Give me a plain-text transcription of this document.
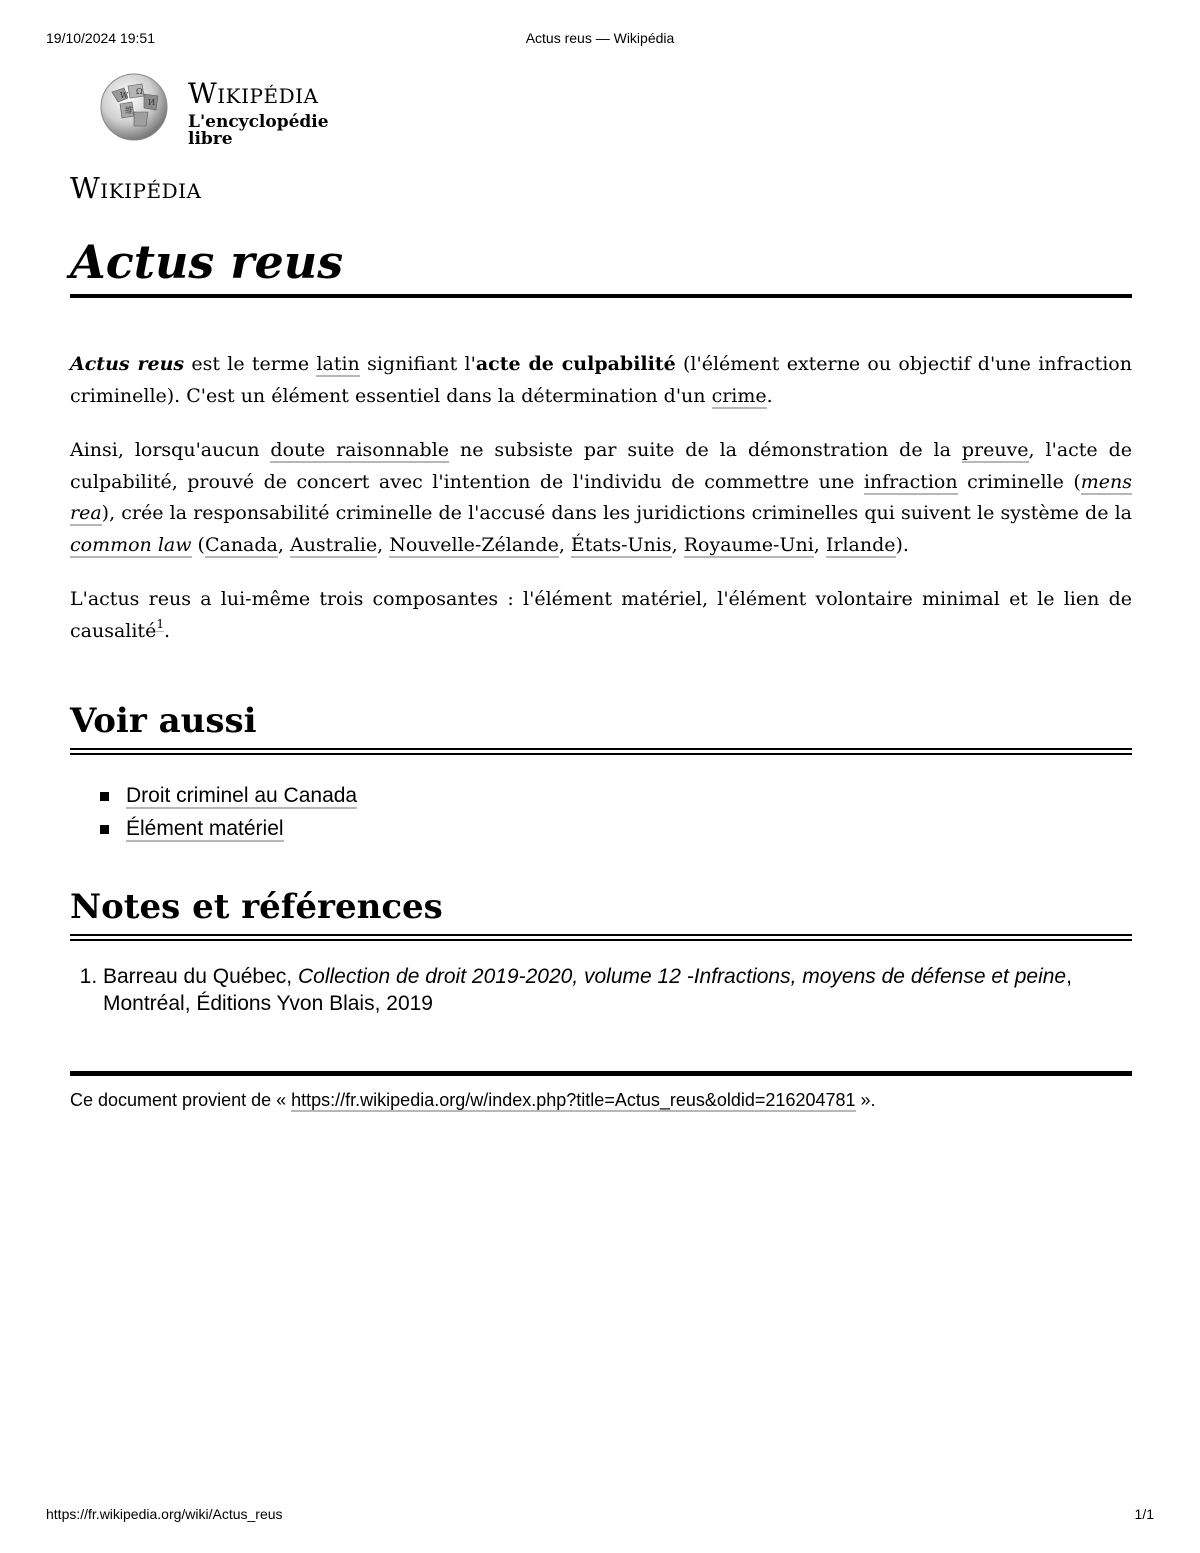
19/10/2024 19:51	Actus reus — Wikipédia
W Ω
И
維
Wikipédia
L'encyclopédie libre
Wikipédia
Actus reus

Actus reus est le terme latin signifiant l'acte de culpabilité (l'élément externe ou objectif d'une infraction criminelle). C'est un élément essentiel dans la détermination d'un crime.

Ainsi, lorsqu'aucun doute raisonnable ne subsiste par suite de la démonstration de la preuve, l'acte de culpabilité, prouvé de concert avec l'intention de l'individu de commettre une infraction criminelle (mens rea), crée la responsabilité criminelle de l'accusé dans les juridictions criminelles qui suivent le système de la common law (Canada, Australie, Nouvelle-Zélande, États-Unis, Royaume-Uni, Irlande).

L'actus reus a lui-même trois composantes : l'élément matériel, l'élément volontaire minimal et le lien de causalité$^1$.

Voir aussi
Droit criminel au Canada
Élément matériel
Notes et références
1. Barreau du Québec, Collection de droit 2019-2020, volume 12 -Infractions, moyens de défense et peine, Montréal, Éditions Yvon Blais, 2019
Ce document provient de « https://fr.wikipedia.org/w/index.php?title=Actus_reus&oldid=216204781 ».
https://fr.wikipedia.org/wiki/Actus_reus	1/1
